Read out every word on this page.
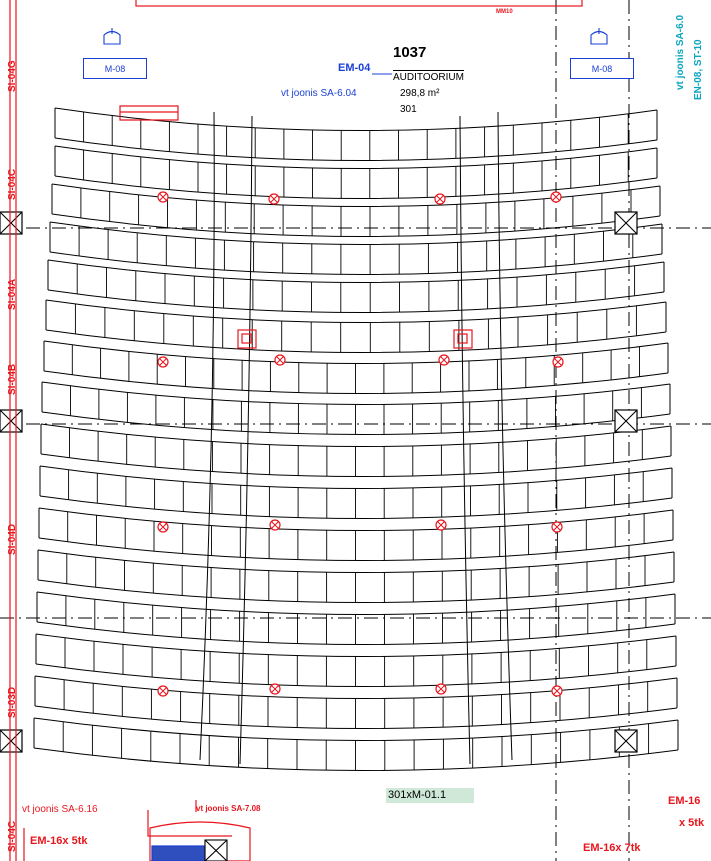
MM10
M-08	M-08
EM-04
1037
AUDITOORIUM
298,8 m²
301
vt joonis SA-6.04
vt joonis SA-6.0 EN-08, ST-10
SI-04G
SI-04C
SI-04A
SI-04B
SI-04D
SI-03D
SI-04C
301xM-01.1
vt joonis SA-6.16
EM-16x 5tk
vt joonis SA-7.08
EM-16
x 5tk
EM-16x 7tk
